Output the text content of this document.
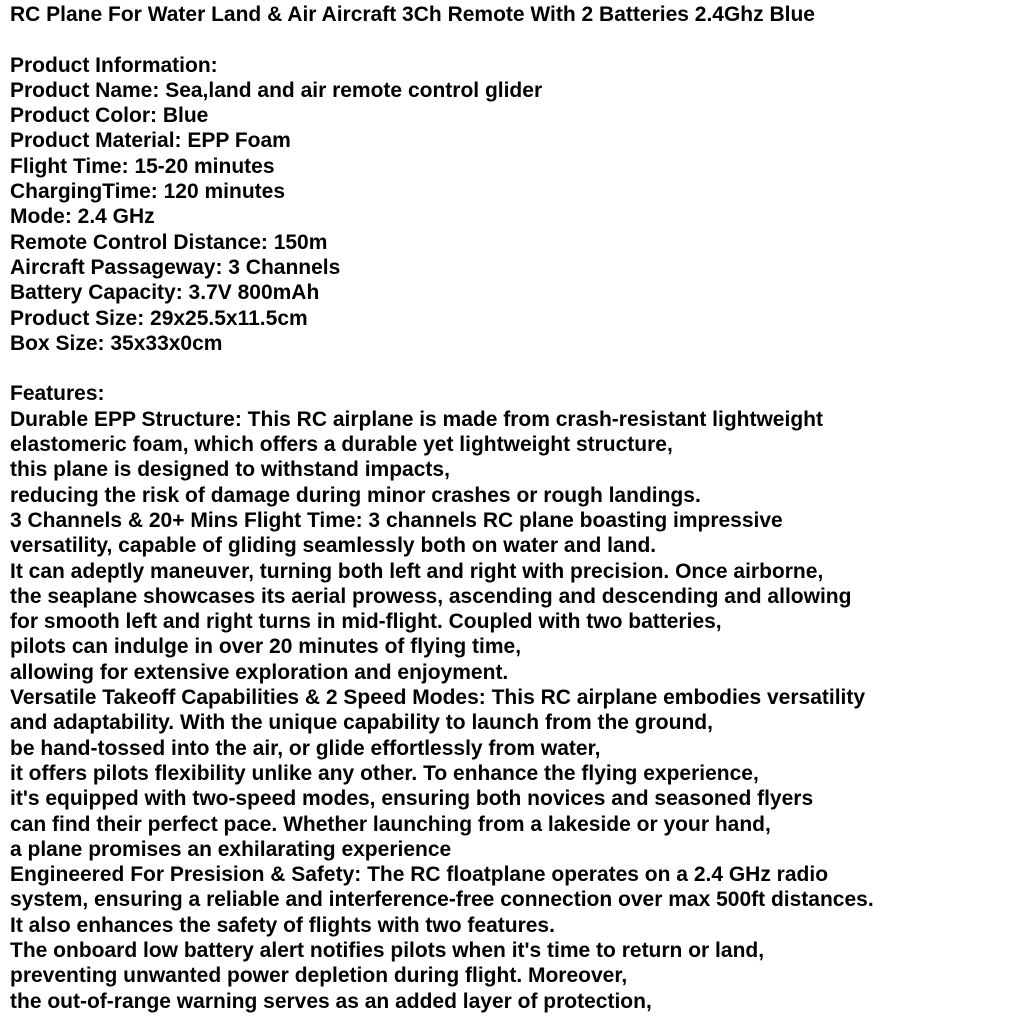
RC Plane For Water Land & Air Aircraft 3Ch Remote With 2 Batteries 2.4Ghz Blue
Product Information:
Product Name: Sea,land and air remote control glider
Product Color: Blue
Product Material: EPP Foam
Flight Time: 15-20 minutes
ChargingTime: 120 minutes
Mode: 2.4 GHz
Remote Control Distance: 150m
Aircraft Passageway: 3 Channels
Battery Capacity: 3.7V 800mAh
Product Size: 29x25.5x11.5cm
Box Size: 35x33x0cm
Features:
Durable EPP Structure: This RC airplane is made from crash-resistant lightweight
elastomeric foam, which offers a durable yet lightweight structure,
this plane is designed to withstand impacts,
reducing the risk of damage during minor crashes or rough landings.
3 Channels & 20+ Mins Flight Time: 3 channels RC plane boasting impressive
versatility, capable of gliding seamlessly both on water and land.
It can adeptly maneuver, turning both left and right with precision. Once airborne,
the seaplane showcases its aerial prowess, ascending and descending and allowing
for smooth left and right turns in mid-flight. Coupled with two batteries,
pilots can indulge in over 20 minutes of flying time,
allowing for extensive exploration and enjoyment.
Versatile Takeoff Capabilities & 2 Speed Modes: This RC airplane embodies versatility
and adaptability. With the unique capability to launch from the ground,
be hand-tossed into the air, or glide effortlessly from water,
it offers pilots flexibility unlike any other. To enhance the flying experience,
it's equipped with two-speed modes, ensuring both novices and seasoned flyers
can find their perfect pace. Whether launching from a lakeside or your hand,
a plane promises an exhilarating experience
Engineered For Presision & Safety: The RC floatplane operates on a 2.4 GHz radio
system, ensuring a reliable and interference-free connection over max 500ft distances.
It also enhances the safety of flights with two features.
The onboard low battery alert notifies pilots when it's time to return or land,
preventing unwanted power depletion during flight. Moreover,
the out-of-range warning serves as an added layer of protection,
